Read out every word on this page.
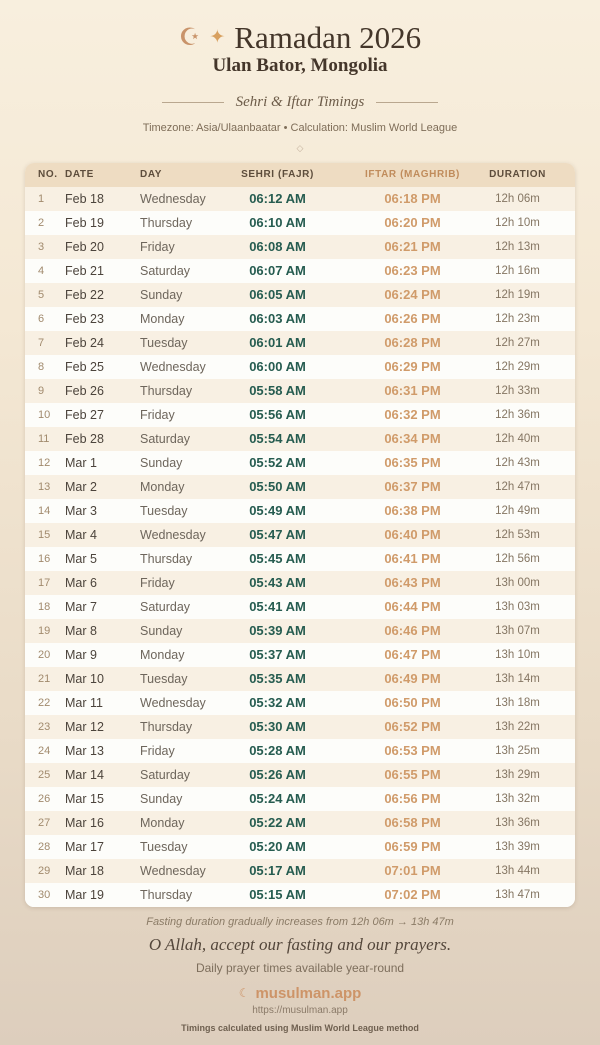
☪ ✦ Ramadan 2026
Ulan Bator, Mongolia
Sehri & Iftar Timings
Timezone: Asia/Ulaanbaatar • Calculation: Muslim World League
◇
NO.	DATE	DAY	SEHRI (FAJR)	IFTAR (MAGHRIB)	DURATION
1	Feb 18	Wednesday	06:12 AM	06:18 PM	12h 06m
2	Feb 19	Thursday	06:10 AM	06:20 PM	12h 10m
3	Feb 20	Friday	06:08 AM	06:21 PM	12h 13m
4	Feb 21	Saturday	06:07 AM	06:23 PM	12h 16m
5	Feb 22	Sunday	06:05 AM	06:24 PM	12h 19m
6	Feb 23	Monday	06:03 AM	06:26 PM	12h 23m
7	Feb 24	Tuesday	06:01 AM	06:28 PM	12h 27m
8	Feb 25	Wednesday	06:00 AM	06:29 PM	12h 29m
9	Feb 26	Thursday	05:58 AM	06:31 PM	12h 33m
10	Feb 27	Friday	05:56 AM	06:32 PM	12h 36m
11	Feb 28	Saturday	05:54 AM	06:34 PM	12h 40m
12	Mar 1	Sunday	05:52 AM	06:35 PM	12h 43m
13	Mar 2	Monday	05:50 AM	06:37 PM	12h 47m
14	Mar 3	Tuesday	05:49 AM	06:38 PM	12h 49m
15	Mar 4	Wednesday	05:47 AM	06:40 PM	12h 53m
16	Mar 5	Thursday	05:45 AM	06:41 PM	12h 56m
17	Mar 6	Friday	05:43 AM	06:43 PM	13h 00m
18	Mar 7	Saturday	05:41 AM	06:44 PM	13h 03m
19	Mar 8	Sunday	05:39 AM	06:46 PM	13h 07m
20	Mar 9	Monday	05:37 AM	06:47 PM	13h 10m
21	Mar 10	Tuesday	05:35 AM	06:49 PM	13h 14m
22	Mar 11	Wednesday	05:32 AM	06:50 PM	13h 18m
23	Mar 12	Thursday	05:30 AM	06:52 PM	13h 22m
24	Mar 13	Friday	05:28 AM	06:53 PM	13h 25m
25	Mar 14	Saturday	05:26 AM	06:55 PM	13h 29m
26	Mar 15	Sunday	05:24 AM	06:56 PM	13h 32m
27	Mar 16	Monday	05:22 AM	06:58 PM	13h 36m
28	Mar 17	Tuesday	05:20 AM	06:59 PM	13h 39m
29	Mar 18	Wednesday	05:17 AM	07:01 PM	13h 44m
30	Mar 19	Thursday	05:15 AM	07:02 PM	13h 47m
Fasting duration gradually increases from 12h 06m → 13h 47m
O Allah, accept our fasting and our prayers.
Daily prayer times available year-round
☾ musulman.app
https://musulman.app
Timings calculated using Muslim World League method
